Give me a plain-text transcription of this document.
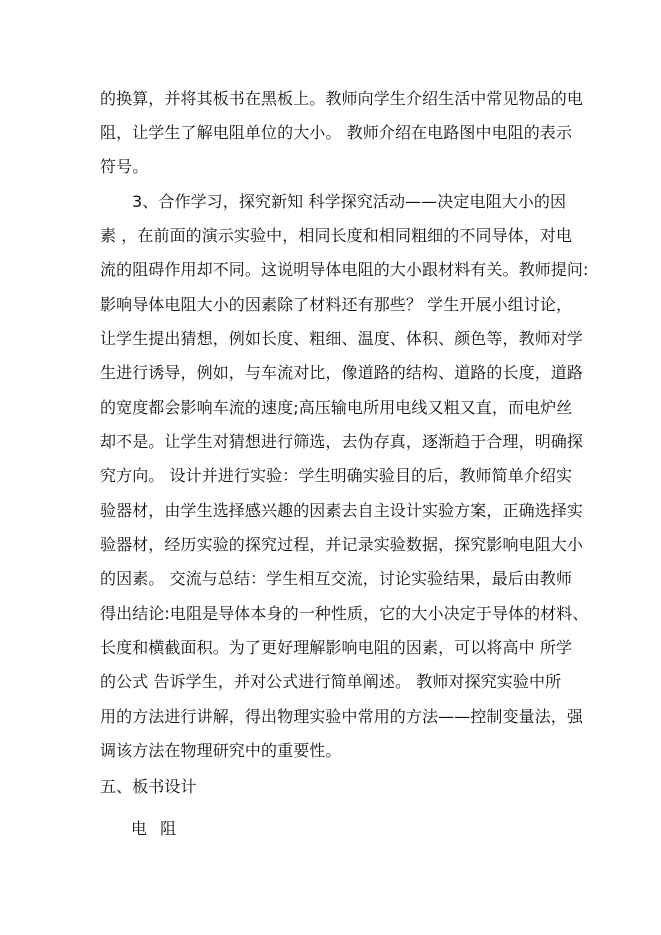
的换算，并将其板书在黑板上。教师向学生介绍生活中常见物品的电
阻，让学生了解电阻单位的大小。 教师介绍在电路图中电阻的表示
符号。
3、合作学习，探究新知 科学探究活动——决定电阻大小的因
素 ，在前面的演示实验中，相同长度和相同粗细的不同导体，对电
流的阻碍作用却不同。这说明导体电阻的大小跟材料有关。教师提问:
影响导体电阻大小的因素除了材料还有那些？ 学生开展小组讨论，
让学生提出猜想，例如长度、粗细、温度、体积、颜色等，教师对学
生进行诱导，例如，与车流对比，像道路的结构、道路的长度，道路
的宽度都会影响车流的速度;高压输电所用电线又粗又直，而电炉丝
却不是。让学生对猜想进行筛选，去伪存真，逐渐趋于合理，明确探
究方向。 设计并进行实验：学生明确实验目的后，教师简单介绍实
验器材，由学生选择感兴趣的因素去自主设计实验方案，正确选择实
验器材，经历实验的探究过程，并记录实验数据，探究影响电阻大小
的因素。 交流与总结：学生相互交流，讨论实验结果，最后由教师
得出结论:电阻是导体本身的一种性质，它的大小决定于导体的材料、
长度和横截面积。为了更好理解影响电阻的因素，可以将高中 所学
的公式 告诉学生，并对公式进行简单阐述。 教师对探究实验中所
用的方法进行讲解，得出物理实验中常用的方法——控制变量法，强
调该方法在物理研究中的重要性。
五、板书设计
电 阻
